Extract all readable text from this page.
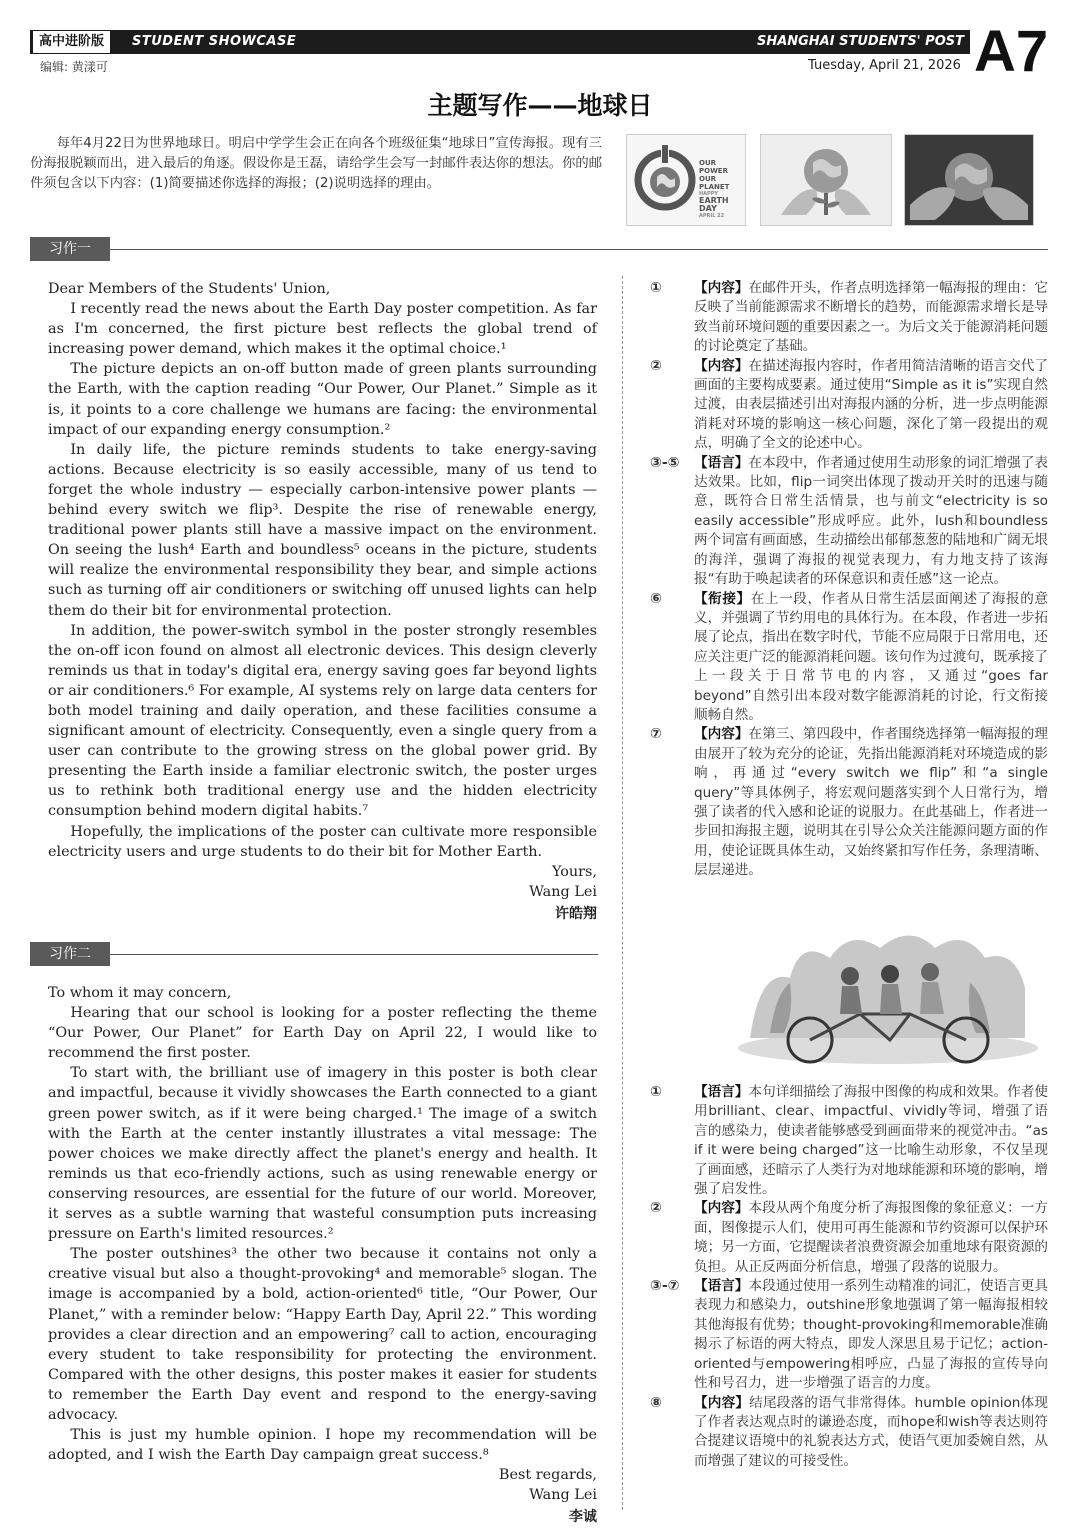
高中进阶版	STUDENT SHOWCASE	SHANGHAI STUDENTS' POST A7
编辑: 黄漾可	Tuesday, April 21, 2026
主题写作——地球日
每年4月22日为世界地球日。明启中学学生会正在向各个班级征集“地球日”宣传海报。现有三份海报脱颖而出，进入最后的角逐。假设你是王磊，请给学生会写一封邮件表达你的想法。你的邮件须包含以下内容：(1)简要描述你选择的海报；(2)说明选择的理由。
OUR
POWER
OUR
PLANET
HAPPY
EARTH DAY
APRIL 22
习作一

Dear Members of the Students' Union,

I recently read the news about the Earth Day poster competition. As far as I'm concerned, the first picture best reflects the global trend of increasing power demand, which makes it the optimal choice.¹

The picture depicts an on-off button made of green plants surrounding the Earth, with the caption reading “Our Power, Our Planet.” Simple as it is, it points to a core challenge we humans are facing: the environmental impact of our expanding energy consumption.²

In daily life, the picture reminds students to take energy-saving actions. Because electricity is so easily accessible, many of us tend to forget the whole industry — especially carbon-intensive power plants — behind every switch we flip³. Despite the rise of renewable energy, traditional power plants still have a massive impact on the environment. On seeing the lush⁴ Earth and boundless⁵ oceans in the picture, students will realize the environmental responsibility they bear, and simple actions such as turning off air conditioners or switching off unused lights can help them do their bit for environmental protection.

In addition, the power-switch symbol in the poster strongly resembles the on-off icon found on almost all electronic devices. This design cleverly reminds us that in today's digital era, energy saving goes far beyond lights or air conditioners.⁶ For example, AI systems rely on large data centers for both model training and daily operation, and these facilities consume a significant amount of electricity. Consequently, even a single query from a user can contribute to the growing stress on the global power grid. By presenting the Earth inside a familiar electronic switch, the poster urges us to rethink both traditional energy use and the hidden electricity consumption behind modern digital habits.⁷

Hopefully, the implications of the poster can cultivate more responsible electricity users and urge students to do their bit for Mother Earth.

Yours,

Wang Lei

许皓翔

习作二

To whom it may concern,

Hearing that our school is looking for a poster reflecting the theme “Our Power, Our Planet” for Earth Day on April 22, I would like to recommend the first poster.

To start with, the brilliant use of imagery in this poster is both clear and impactful, because it vividly showcases the Earth connected to a giant green power switch, as if it were being charged.¹ The image of a switch with the Earth at the center instantly illustrates a vital message: The power choices we make directly affect the planet's energy and health. It reminds us that eco-friendly actions, such as using renewable energy or conserving resources, are essential for the future of our world. Moreover, it serves as a subtle warning that wasteful consumption puts increasing pressure on Earth's limited resources.²

The poster outshines³ the other two because it contains not only a creative visual but also a thought-provoking⁴ and memorable⁵ slogan. The image is accompanied by a bold, action-oriented⁶ title, “Our Power, Our Planet,” with a reminder below: “Happy Earth Day, April 22.” This wording provides a clear direction and an empowering⁷ call to action, encouraging every student to take responsibility for protecting the environment. Compared with the other designs, this poster makes it easier for students to remember the Earth Day event and respond to the energy-saving advocacy.

This is just my humble opinion. I hope my recommendation will be adopted, and I wish the Earth Day campaign great success.⁸

Best regards,

Wang Lei

李诚

①	【内容】在邮件开头，作者点明选择第一幅海报的理由：它反映了当前能源需求不断增长的趋势，而能源需求增长是导致当前环境问题的重要因素之一。为后文关于能源消耗问题的讨论奠定了基础。
②	【内容】在描述海报内容时，作者用简洁清晰的语言交代了画面的主要构成要素。通过使用“Simple as it is”实现自然过渡，由表层描述引出对海报内涵的分析，进一步点明能源消耗对环境的影响这一核心问题，深化了第一段提出的观点，明确了全文的论述中心。
③-⑤	【语言】在本段中，作者通过使用生动形象的词汇增强了表达效果。比如，flip一词突出体现了拨动开关时的迅速与随意，既符合日常生活情景，也与前文“electricity is so easily accessible”形成呼应。此外，lush和boundless两个词富有画面感，生动描绘出郁郁葱葱的陆地和广阔无垠的海洋，强调了海报的视觉表现力，有力地支持了该海报“有助于唤起读者的环保意识和责任感”这一论点。
⑥	【衔接】在上一段，作者从日常生活层面阐述了海报的意义，并强调了节约用电的具体行为。在本段，作者进一步拓展了论点，指出在数字时代，节能不应局限于日常用电，还应关注更广泛的能源消耗问题。该句作为过渡句，既承接了上一段关于日常节电的内容，又通过“goes far beyond”自然引出本段对数字能源消耗的讨论，行文衔接顺畅自然。
⑦	【内容】在第三、第四段中，作者围绕选择第一幅海报的理由展开了较为充分的论证，先指出能源消耗对环境造成的影响，再通过“every switch we flip”和“a single query”等具体例子，将宏观问题落实到个人日常行为，增强了读者的代入感和论证的说服力。在此基础上，作者进一步回扣海报主题，说明其在引导公众关注能源问题方面的作用，使论证既具体生动，又始终紧扣写作任务，条理清晰、层层递进。
①	【语言】本句详细描绘了海报中图像的构成和效果。作者使用brilliant、clear、impactful、vividly等词，增强了语言的感染力，使读者能够感受到画面带来的视觉冲击。“as if it were being charged”这一比喻生动形象，不仅呈现了画面感，还暗示了人类行为对地球能源和环境的影响，增强了启发性。
②	【内容】本段从两个角度分析了海报图像的象征意义：一方面，图像提示人们，使用可再生能源和节约资源可以保护环境；另一方面，它提醒读者浪费资源会加重地球有限资源的负担。从正反两面分析信息，增强了段落的说服力。
③-⑦	【语言】本段通过使用一系列生动精准的词汇，使语言更具表现力和感染力，outshine形象地强调了第一幅海报相较其他海报有优势；thought-provoking和memorable准确揭示了标语的两大特点，即发人深思且易于记忆；action-oriented与empowering相呼应，凸显了海报的宣传导向性和号召力，进一步增强了语言的力度。
⑧	【内容】结尾段落的语气非常得体。humble opinion体现了作者表达观点时的谦逊态度，而hope和wish等表达则符合提建议语境中的礼貌表达方式，使语气更加委婉自然，从而增强了建议的可接受性。
